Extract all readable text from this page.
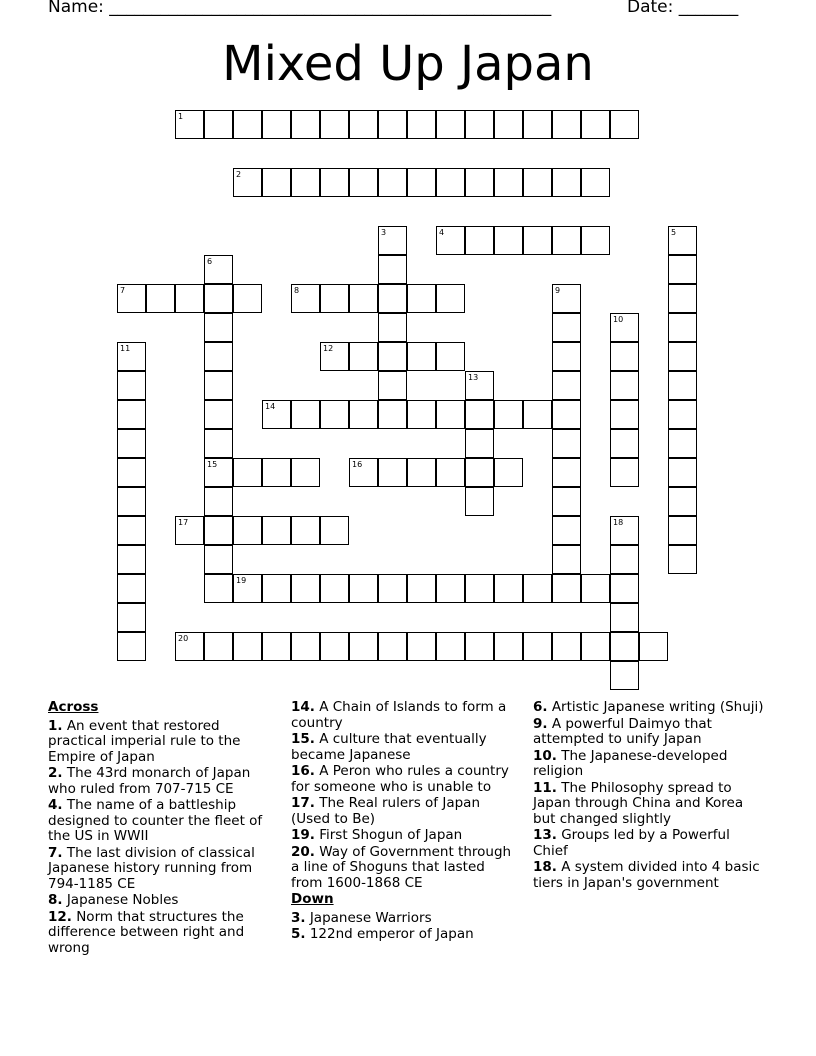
Name: ____________________________________________________	Date: _______
Mixed Up Japan
1
2
4
7	8
12
14
15	16
17
19
20
3	5
6
9
10
11
13
18
Across
1. An event that restored practical imperial rule to the Empire of Japan
2. The 43rd monarch of Japan who ruled from 707-715 CE
4. The name of a battleship designed to counter the fleet of the US in WWII
7. The last division of classical Japanese history running from 794-1185 CE
8. Japanese Nobles
12. Norm that structures the difference between right and wrong
14. A Chain of Islands to form a country
15. A culture that eventually became Japanese
16. A Peron who rules a country for someone who is unable to
17. The Real rulers of Japan (Used to Be)
19. First Shogun of Japan
20. Way of Government through a line of Shoguns that lasted from 1600-1868 CE
Down
3. Japanese Warriors
5. 122nd emperor of Japan
6. Artistic Japanese writing (Shuji)
9. A powerful Daimyo that attempted to unify Japan
10. The Japanese-developed religion
11. The Philosophy spread to Japan through China and Korea but changed slightly
13. Groups led by a Powerful Chief
18. A system divided into 4 basic tiers in Japan's government
